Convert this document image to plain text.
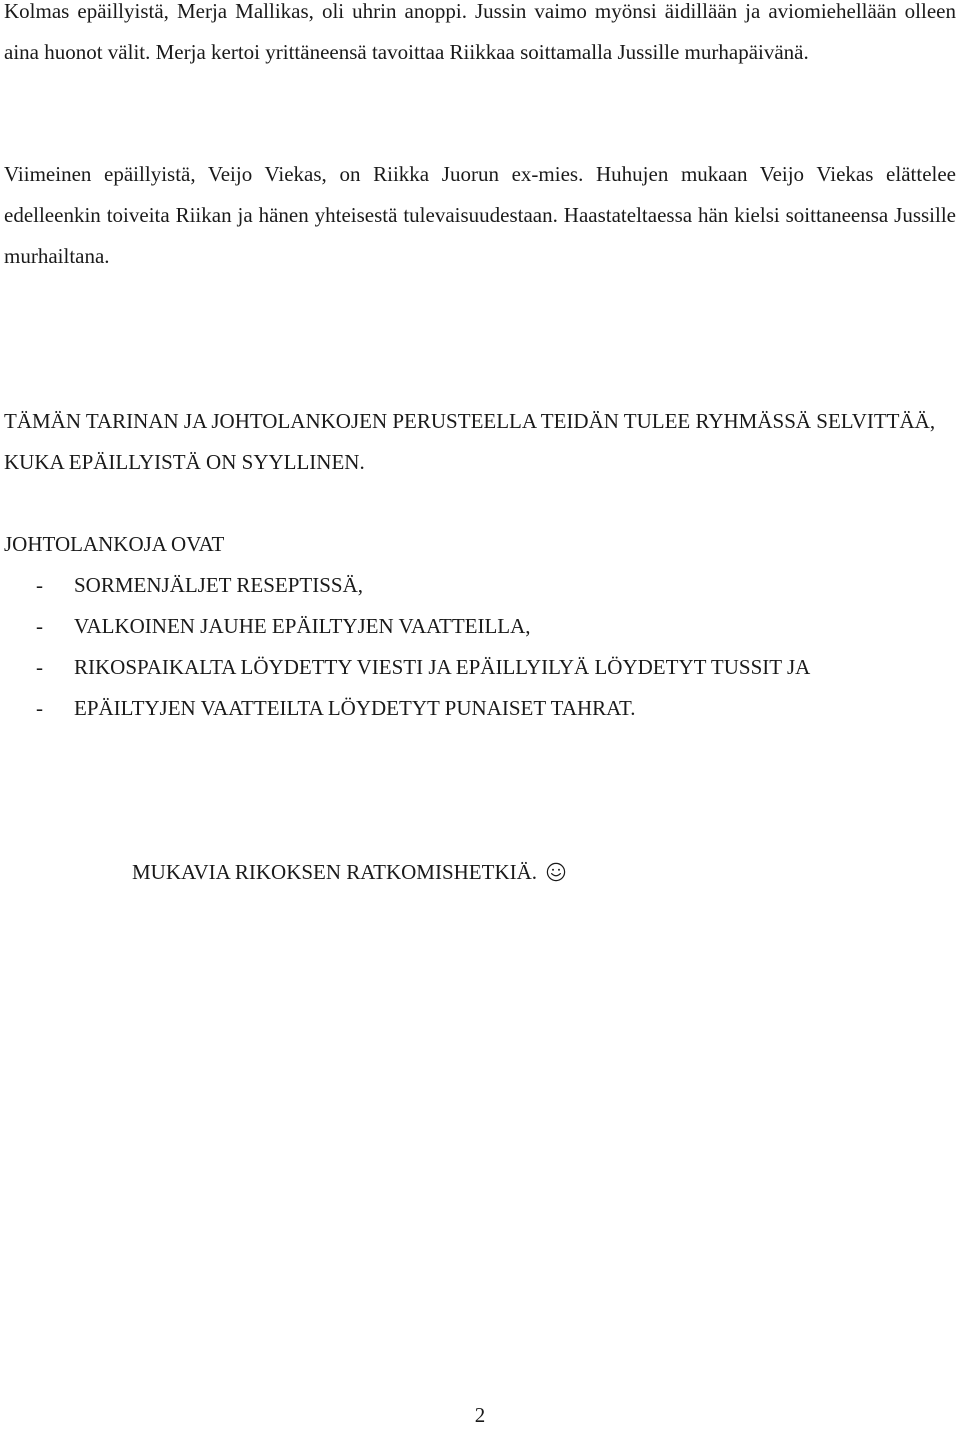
Kolmas epäillyistä, Merja Mallikas, oli uhrin anoppi. Jussin vaimo myönsi äidillään ja aviomiehellään olleen aina huonot välit. Merja kertoi yrittäneensä tavoittaa Riikkaa soittamalla Jussille murhapäivänä.

Viimeinen epäillyistä, Veijo Viekas, on Riikka Juorun ex-mies. Huhujen mukaan Veijo Viekas elättelee edelleenkin toiveita Riikan ja hänen yhteisestä tulevaisuudestaan. Haastateltaessa hän kielsi soittaneensa Jussille murhailtana.

TÄMÄN TARINAN JA JOHTOLANKOJEN PERUSTEELLA TEIDÄN TULEE RYHMÄSSÄ SELVITTÄÄ, KUKA EPÄILLYISTÄ ON SYYLLINEN.

JOHTOLANKOJA OVAT

-	SORMENJÄLJET RESEPTISSÄ,
-	VALKOINEN JAUHE EPÄILTYJEN VAATTEILLA,
-	RIKOSPAIKALTA LÖYDETTY VIESTI JA EPÄILLYILYÄ LÖYDETYT TUSSIT JA
-	EPÄILTYJEN VAATTEILTA LÖYDETYT PUNAISET TAHRAT.

MUKAVIA RIKOKSEN RATKOMISHETKIÄ.

2
